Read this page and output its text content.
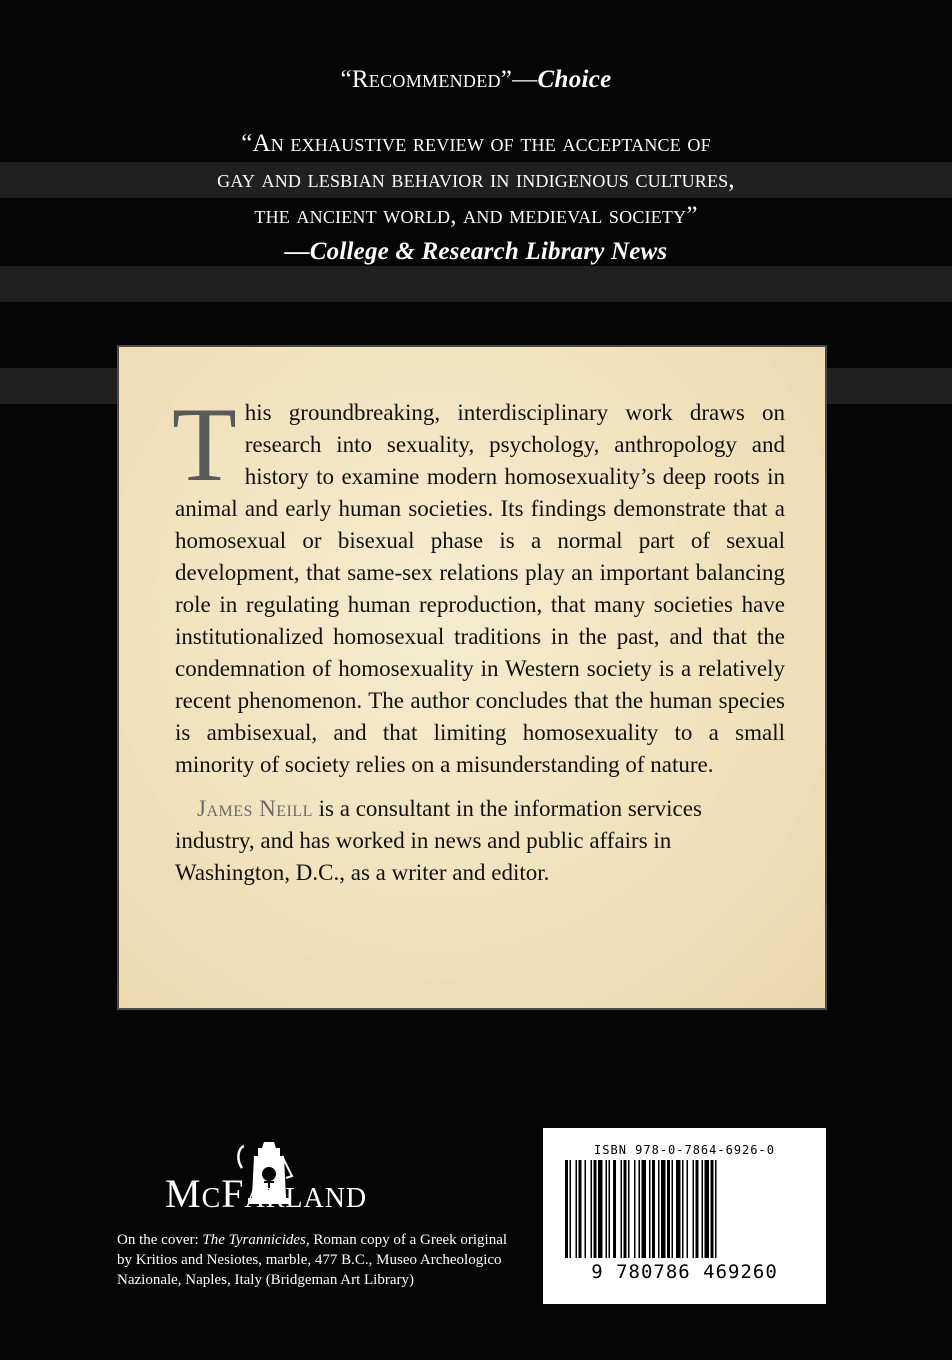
“Recommended”—Choice
“An exhaustive review of the acceptance of
gay and lesbian behavior in indigenous cultures,
the ancient world, and medieval society”
—College & Research Library News
This groundbreaking, interdisciplinary work draws on research into sexuality, psychology, anthropology and history to examine modern homosexuality’s deep roots in animal and early human societies. Its findings demonstrate that a homosexual or bisexual phase is a normal part of sexual development, that same-sex relations play an important balancing role in regulating human reproduction, that many societies have institutionalized homosexual traditions in the past, and that the condemnation of homosexuality in Western society is a relatively recent phenomenon. The author concludes that the human species is ambisexual, and that limiting homosexuality to a small minority of society relies on a misunderstanding of nature.
James Neill is a consultant in the information services industry, and has worked in news and public affairs in Washington, D.C., as a writer and editor.
McFarland
On the cover: The Tyrannicides, Roman copy of a Greek original by Kritios and Nesiotes, marble, 477 B.C., Museo Archeologico Nazionale, Naples, Italy (Bridgeman Art Library)
ISBN 978-0-7864-6926-0
9 780786 469260
